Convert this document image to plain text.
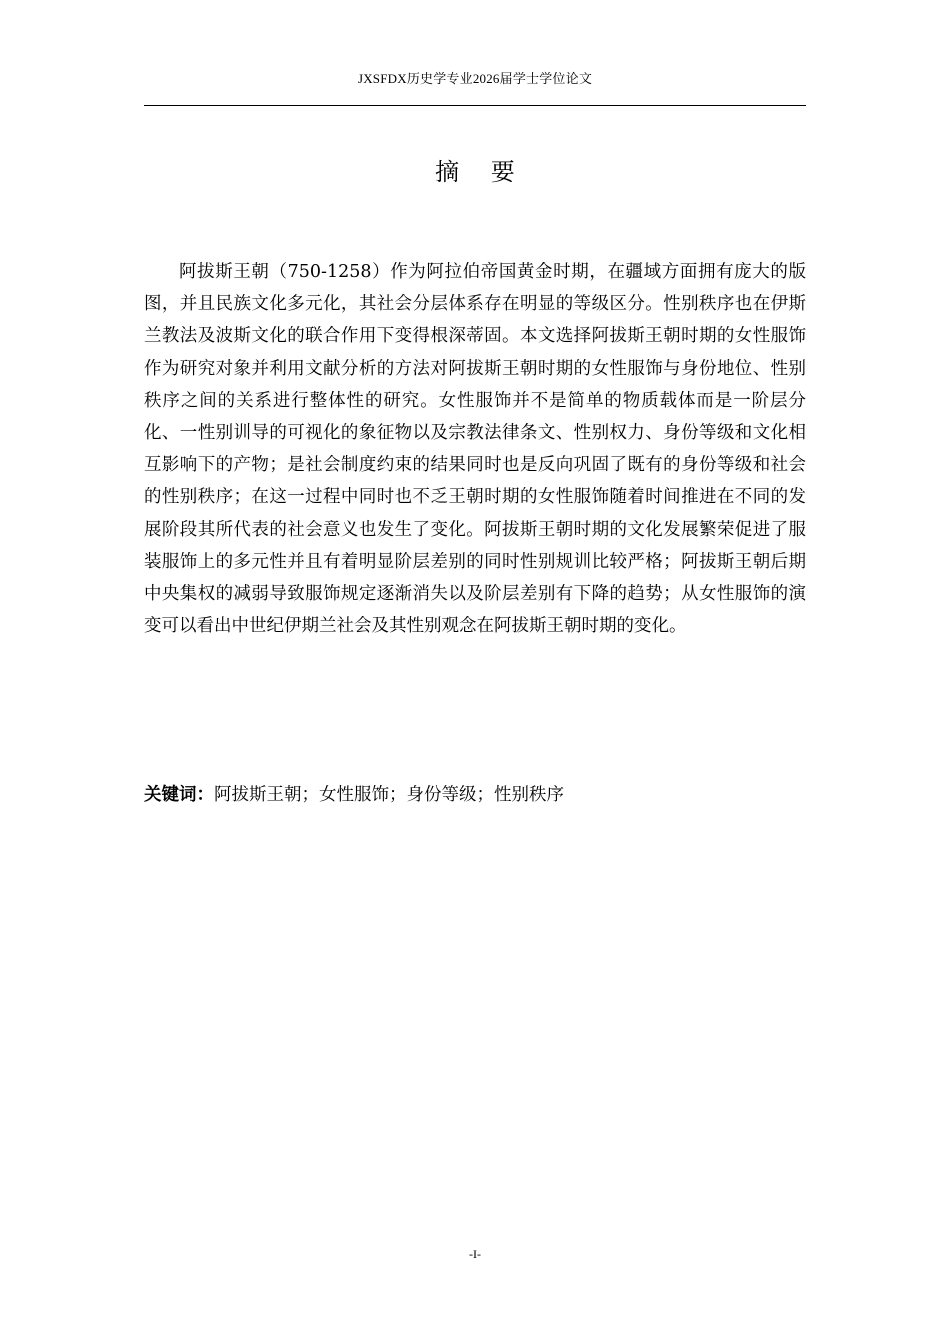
JXSFDX历史学专业2026届学士学位论文
摘 要

阿拔斯王朝（750-1258）作为阿拉伯帝国黄金时期，在疆域方面拥有庞大的版图，并且民族文化多元化，其社会分层体系存在明显的等级区分。性别秩序也在伊斯兰教法及波斯文化的联合作用下变得根深蒂固。本文选择阿拔斯王朝时期的女性服饰作为研究对象并利用文献分析的方法对阿拔斯王朝时期的女性服饰与身份地位、性别秩序之间的关系进行整体性的研究。女性服饰并不是简单的物质载体而是一阶层分化、一性别训导的可视化的象征物以及宗教法律条文、性别权力、身份等级和文化相互影响下的产物；是社会制度约束的结果同时也是反向巩固了既有的身份等级和社会的性别秩序；在这一过程中同时也不乏王朝时期的女性服饰随着时间推进在不同的发展阶段其所代表的社会意义也发生了变化。阿拔斯王朝时期的文化发展繁荣促进了服装服饰上的多元性并且有着明显阶层差别的同时性别规训比较严格；阿拔斯王朝后期中央集权的减弱导致服饰规定逐渐消失以及阶层差别有下降的趋势；从女性服饰的演变可以看出中世纪伊期兰社会及其性别观念在阿拔斯王朝时期的变化。

关键词：阿拔斯王朝；女性服饰；身份等级；性别秩序
-I-
